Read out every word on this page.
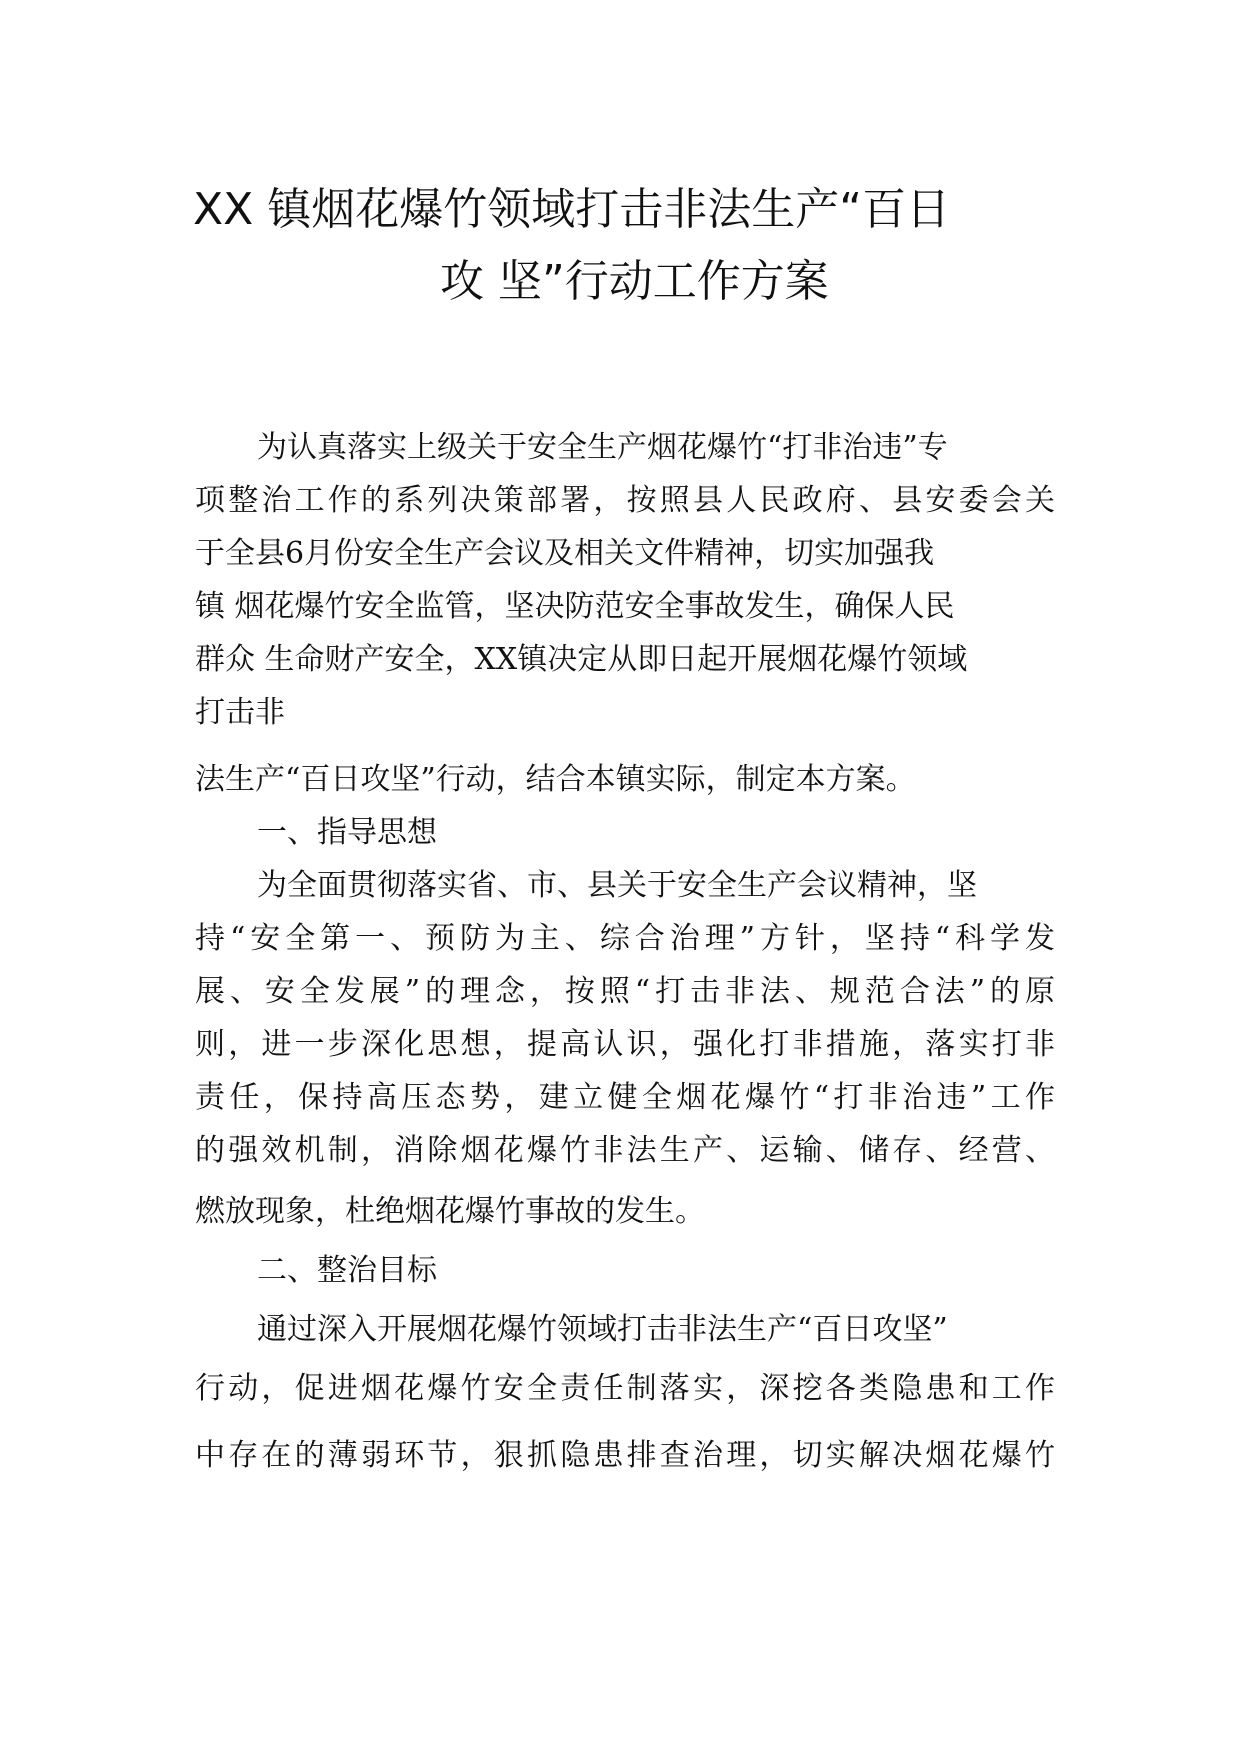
XX 镇烟花爆竹领域打击非法生产“百日
攻 坚”行动工作方案
为认真落实上级关于安全生产烟花爆竹“打非治违”专
项整治工作的系列决策部署，按照县人民政府、县安委会关
于全县6月份安全生产会议及相关文件精神，切实加强我
镇 烟花爆竹安全监管，坚决防范安全事故发生，确保人民
群众 生命财产安全，XX镇决定从即日起开展烟花爆竹领域
打击非
法生产“百日攻坚”行动，结合本镇实际，制定本方案。
一、指导思想
为全面贯彻落实省、市、县关于安全生产会议精神，坚
持“安全第一、预防为主、综合治理”方针，坚持“科学发
展、安全发展”的理念，按照“打击非法、规范合法”的原
则，进一步深化思想，提高认识，强化打非措施，落实打非
责任，保持高压态势，建立健全烟花爆竹“打非治违”工作
的强效机制，消除烟花爆竹非法生产、运输、储存、经营、
燃放现象，杜绝烟花爆竹事故的发生。
二、整治目标
通过深入开展烟花爆竹领域打击非法生产“百日攻坚”
行动，促进烟花爆竹安全责任制落实，深挖各类隐患和工作
中存在的薄弱环节，狠抓隐患排查治理，切实解决烟花爆竹
